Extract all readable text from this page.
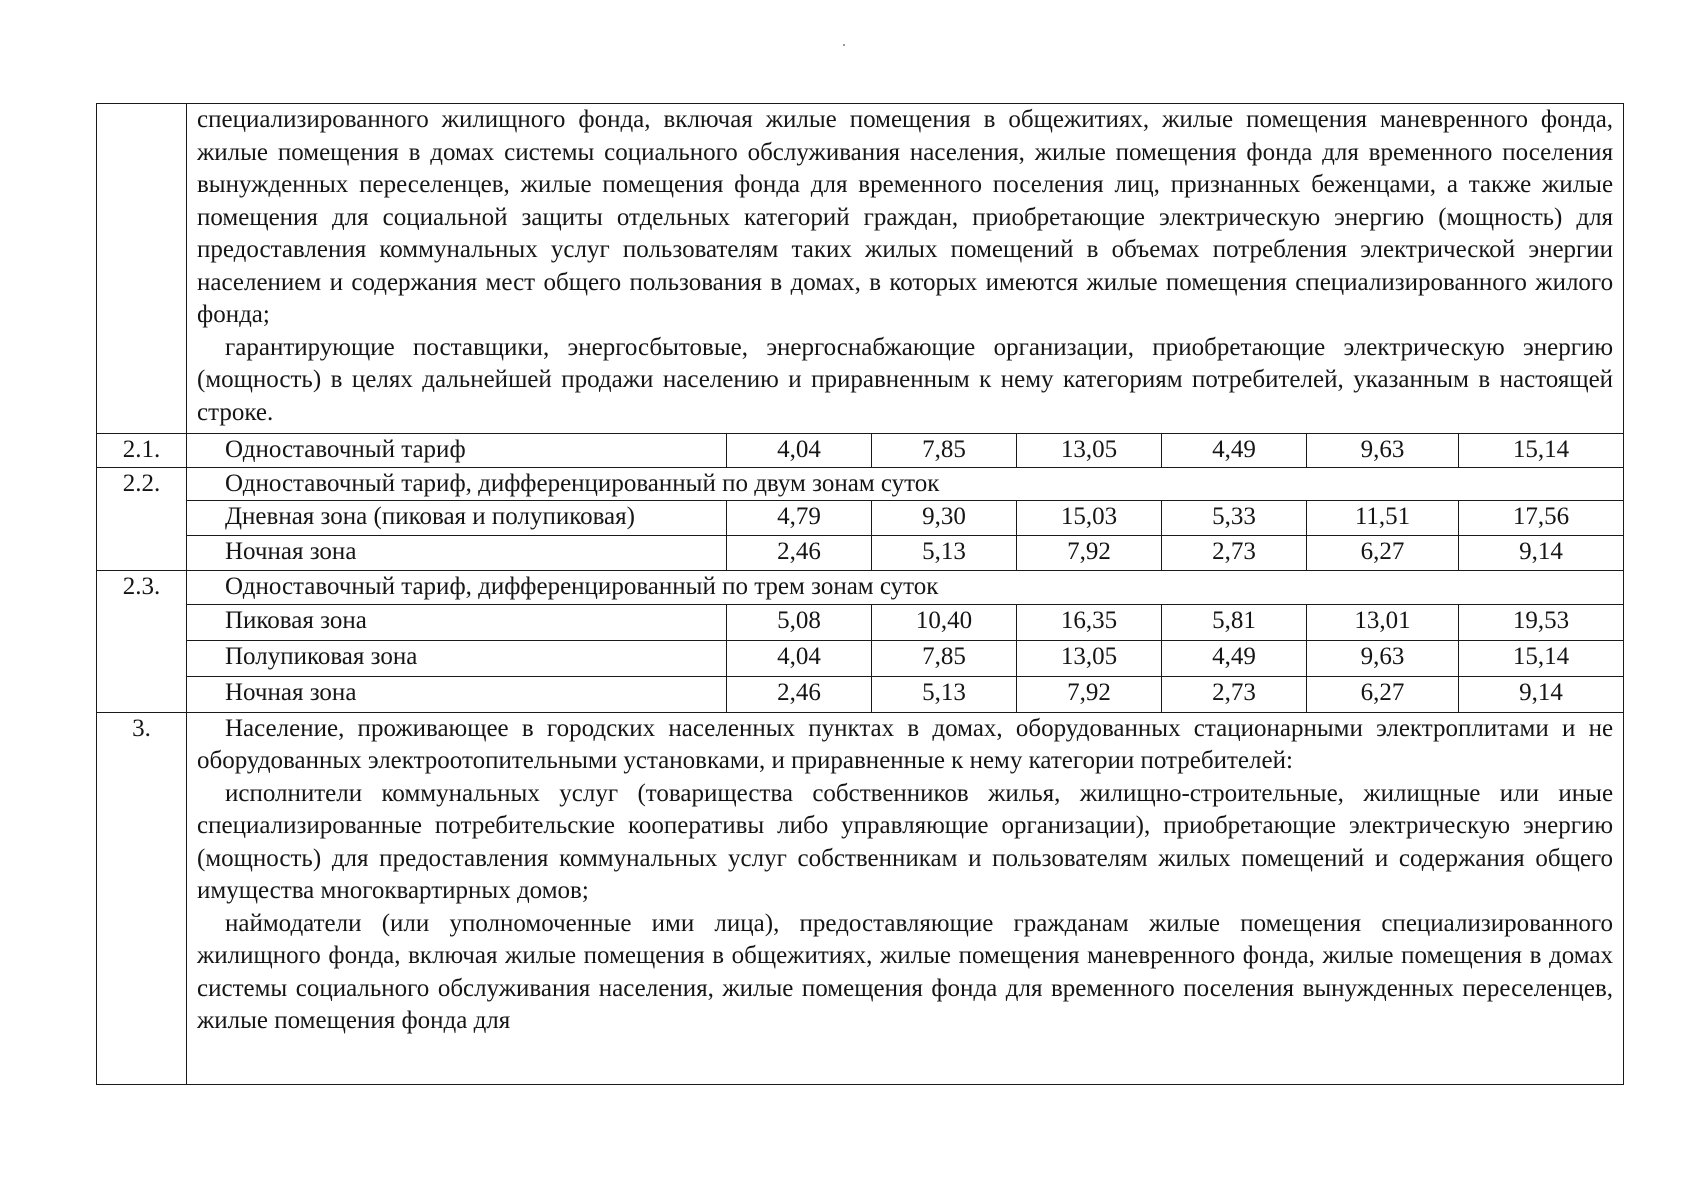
	специализированного жилищного фонда, включая жилые помещения в общежитиях, жилые помещения маневренного фонда, жилые помещения в домах системы социального обслуживания населения, жилые помещения фонда для временного поселения вынужденных переселенцев, жилые помещения фонда для временного поселения лиц, признанных беженцами, а также жилые помещения для социальной защиты отдельных категорий граждан, приобретающие электрическую энергию (мощность) для предоставления коммунальных услуг пользователям таких жилых помещений в объемах потребления электрической энергии населением и содержания мест общего пользования в домах, в которых имеются жилые помещения специализированного жилого фонда;

гарантирующие поставщики, энергосбытовые, энергоснабжающие организации, приобретающие электрическую энергию (мощность) в целях дальнейшей продажи населению и приравненным к нему категориям потребителей, указанным в настоящей строке.						

2.1.	Одноставочный тариф	4,04	7,85	13,05	4,49	9,63	15,14
2.2.	Одноставочный тариф, дифференцированный по двум зонам суток						
	Дневная зона (пиковая и полупиковая)	4,79	9,30	15,03	5,33	11,51	17,56
	Ночная зона	2,46	5,13	7,92	2,73	6,27	9,14
2.3.	Одноставочный тариф, дифференцированный по трем зонам суток						
	Пиковая зона	5,08	10,40	16,35	5,81	13,01	19,53
	Полупиковая зона	4,04	7,85	13,05	4,49	9,63	15,14
	Ночная зона	2,46	5,13	7,92	2,73	6,27	9,14
3.	Население, проживающее в городских населенных пунктах в домах, оборудованных стационарными электроплитами и не оборудованных электроотопительными установками, и приравненные к нему категории потребителей:

исполнители коммунальных услуг (товарищества собственников жилья, жилищно-строительные, жилищные или иные специализированные потребительские кооперативы либо управляющие организации), приобретающие электрическую энергию (мощность) для предоставления коммунальных услуг собственникам и пользователям жилых помещений и содержания общего имущества многоквартирных домов;

наймодатели (или уполномоченные ими лица), предоставляющие гражданам жилые помещения специализированного жилищного фонда, включая жилые помещения в общежитиях, жилые помещения маневренного фонда, жилые помещения в домах системы социального обслуживания населения, жилые помещения фонда для временного поселения вынужденных переселенцев, жилые помещения фонда для						
